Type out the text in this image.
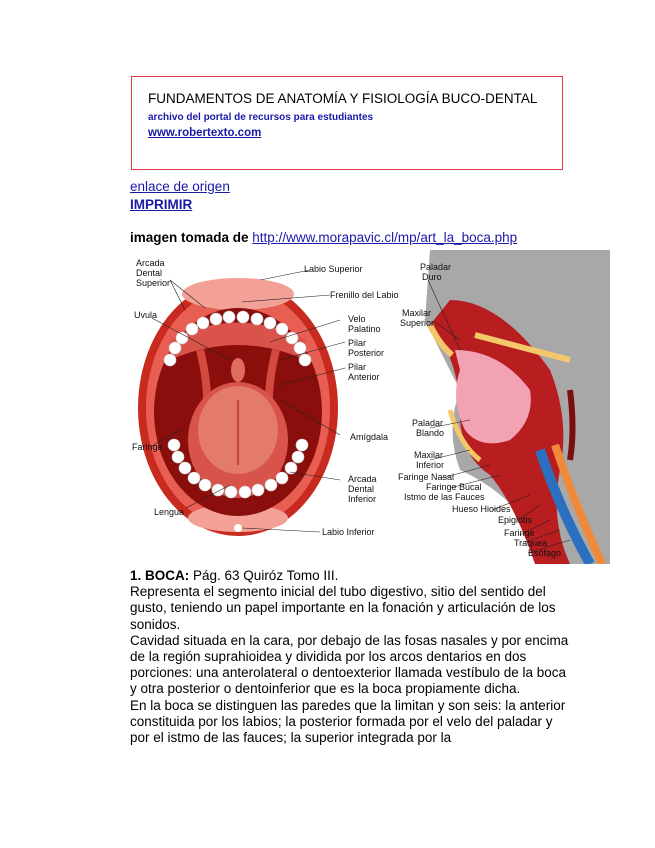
FUNDAMENTOS DE ANATOMÍA Y FISIOLOGÍA BUCO-DENTAL
archivo del portal de recursos para estudiantes
www.robertexto.com
enlace de origen
IMPRIMIR
imagen tomada de http://www.morapavic.cl/mp/art_la_boca.php
Arcada
Dental
Superior
Labio Superior
Frenillo del Labio
Uvula	Velo
Palatino
Pilar
Posterior
Pilar
Anterior
Faringe
Amígdala
Lengua
Arcada
Dental
Inferior
Labio Inferior
Paladar
Duro
Maxilar
Superior
Paladar
Blando
Maxilar
Inferior
Faringe Nasal
Faringe Bucal
Istmo de las Fauces
Hueso Hioides
Epiglotis
Faringe
Traquea
Esófago

1. BOCA: Pág. 63 Quiróz Tomo III.

Representa el segmento inicial del tubo digestivo, sitio del sentido del gusto, teniendo un papel importante en la fonación y articulación de los sonidos.

Cavidad situada en la cara, por debajo de las fosas nasales y por encima de la región suprahioidea y dividida por los arcos dentarios en dos porciones: una anterolateral o dentoexterior llamada vestíbulo de la boca y otra posterior o dentoinferior que es la boca propiamente dicha.

En la boca se distinguen las paredes que la limitan y son seis: la anterior constituida por los labios; la posterior formada por el velo del paladar y por el istmo de las fauces; la superior integrada por la
